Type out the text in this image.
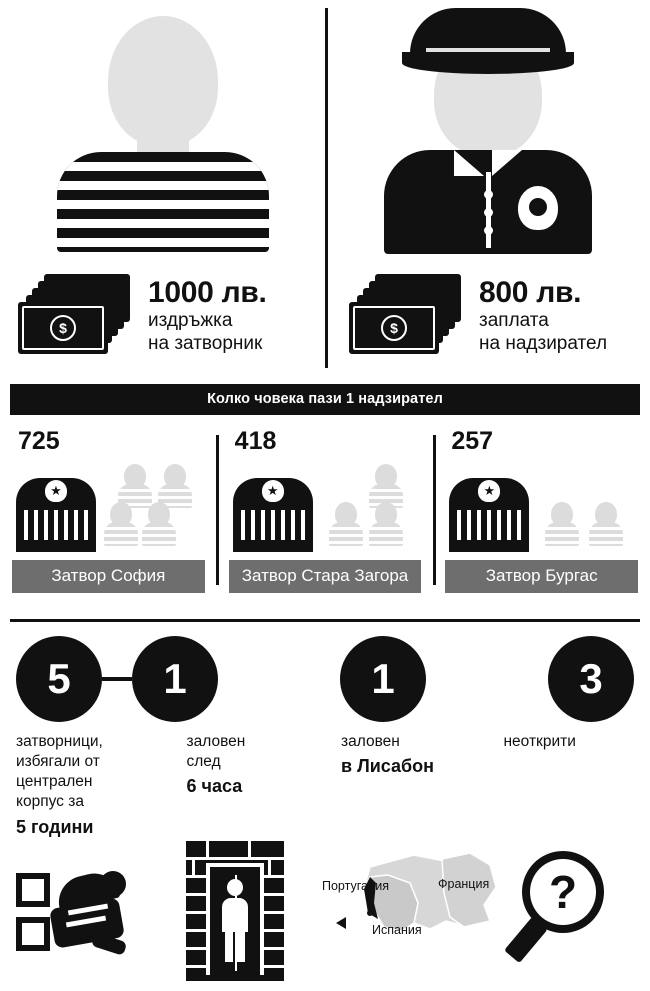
$
1000 лв.
издръжка
на затворник
$
800 лв.
заплата
на надзирател
Колко човека пази 1 надзирател
725
★
Затвор София
418
★
Затвор Стара Загора
257
★
Затвор Бургас
5	1	1	3
затворници,
избягали от
централен
корпус за
5 години
заловен
след
6 часа
заловен
в Лисабон
неоткрити
Португалия	Франция
Испания
?
